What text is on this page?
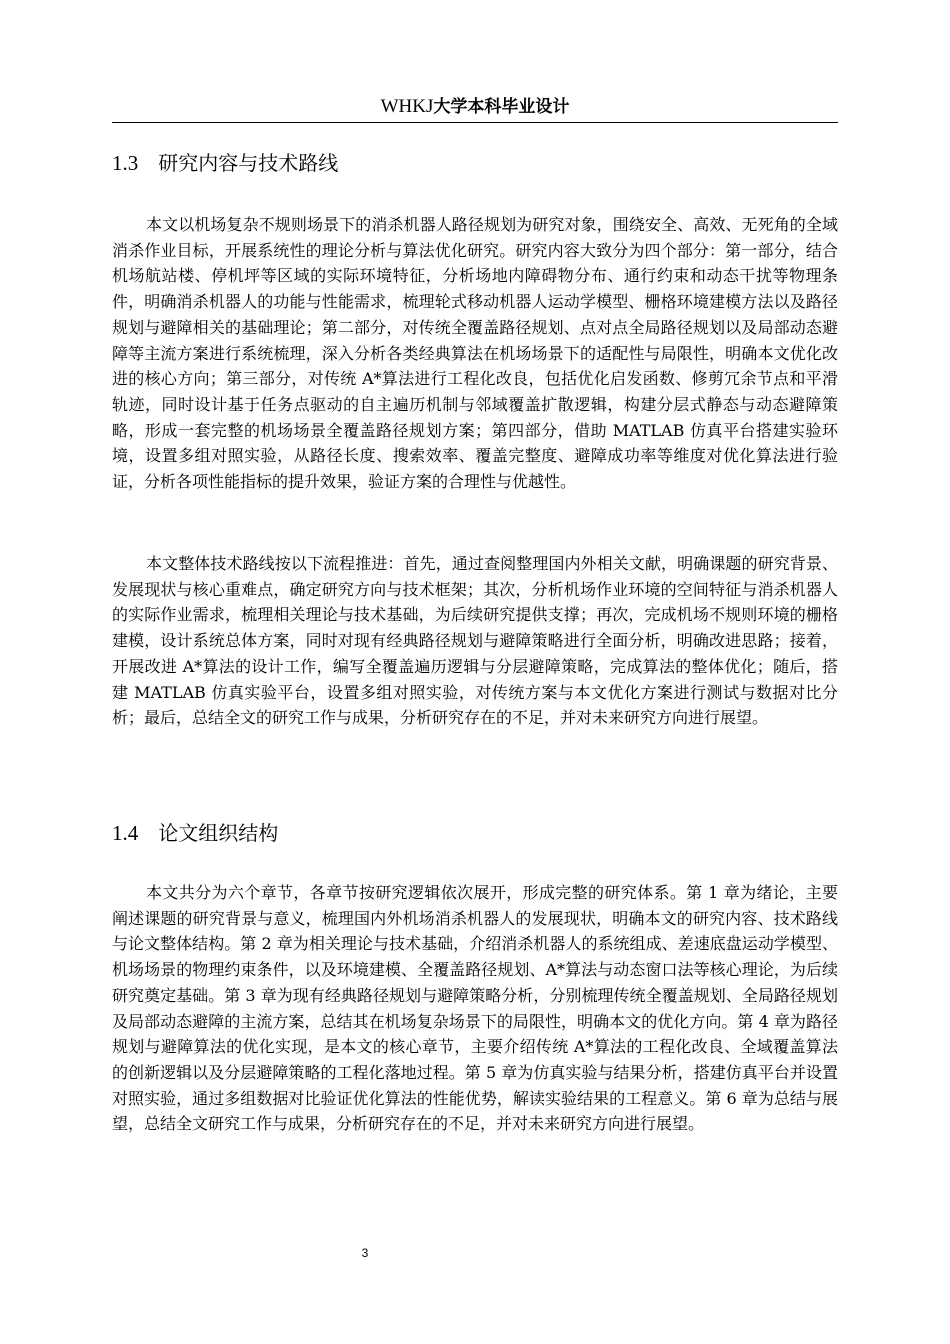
WHKJ大学本科毕业设计
1.3 研究内容与技术路线

本文以机场复杂不规则场景下的消杀机器人路径规划为研究对象，围绕安全、高效、无死角的全域消杀作业目标，开展系统性的理论分析与算法优化研究。研究内容大致分为四个部分：第一部分，结合机场航站楼、停机坪等区域的实际环境特征，分析场地内障碍物分布、通行约束和动态干扰等物理条件，明确消杀机器人的功能与性能需求，梳理轮式移动机器人运动学模型、栅格环境建模方法以及路径规划与避障相关的基础理论；第二部分，对传统全覆盖路径规划、点对点全局路径规划以及局部动态避障等主流方案进行系统梳理，深入分析各类经典算法在机场场景下的适配性与局限性，明确本文优化改进的核心方向；第三部分，对传统 A*算法进行工程化改良，包括优化启发函数、修剪冗余节点和平滑轨迹，同时设计基于任务点驱动的自主遍历机制与邻域覆盖扩散逻辑，构建分层式静态与动态避障策略，形成一套完整的机场场景全覆盖路径规划方案；第四部分，借助 MATLAB 仿真平台搭建实验环境，设置多组对照实验，从路径长度、搜索效率、覆盖完整度、避障成功率等维度对优化算法进行验证，分析各项性能指标的提升效果，验证方案的合理性与优越性。

本文整体技术路线按以下流程推进：首先，通过查阅整理国内外相关文献，明确课题的研究背景、发展现状与核心重难点，确定研究方向与技术框架；其次，分析机场作业环境的空间特征与消杀机器人的实际作业需求，梳理相关理论与技术基础，为后续研究提供支撑；再次，完成机场不规则环境的栅格建模，设计系统总体方案，同时对现有经典路径规划与避障策略进行全面分析，明确改进思路；接着，开展改进 A*算法的设计工作，编写全覆盖遍历逻辑与分层避障策略，完成算法的整体优化；随后，搭建 MATLAB 仿真实验平台，设置多组对照实验，对传统方案与本文优化方案进行测试与数据对比分析；最后，总结全文的研究工作与成果，分析研究存在的不足，并对未来研究方向进行展望。

1.4 论文组织结构

本文共分为六个章节，各章节按研究逻辑依次展开，形成完整的研究体系。第 1 章为绪论，主要阐述课题的研究背景与意义，梳理国内外机场消杀机器人的发展现状，明确本文的研究内容、技术路线与论文整体结构。第 2 章为相关理论与技术基础，介绍消杀机器人的系统组成、差速底盘运动学模型、机场场景的物理约束条件，以及环境建模、全覆盖路径规划、A*算法与动态窗口法等核心理论，为后续研究奠定基础。第 3 章为现有经典路径规划与避障策略分析，分别梳理传统全覆盖规划、全局路径规划及局部动态避障的主流方案，总结其在机场复杂场景下的局限性，明确本文的优化方向。第 4 章为路径规划与避障算法的优化实现，是本文的核心章节，主要介绍传统 A*算法的工程化改良、全域覆盖算法的创新逻辑以及分层避障策略的工程化落地过程。第 5 章为仿真实验与结果分析，搭建仿真平台并设置对照实验，通过多组数据对比验证优化算法的性能优势，解读实验结果的工程意义。第 6 章为总结与展望，总结全文研究工作与成果，分析研究存在的不足，并对未来研究方向进行展望。

3
